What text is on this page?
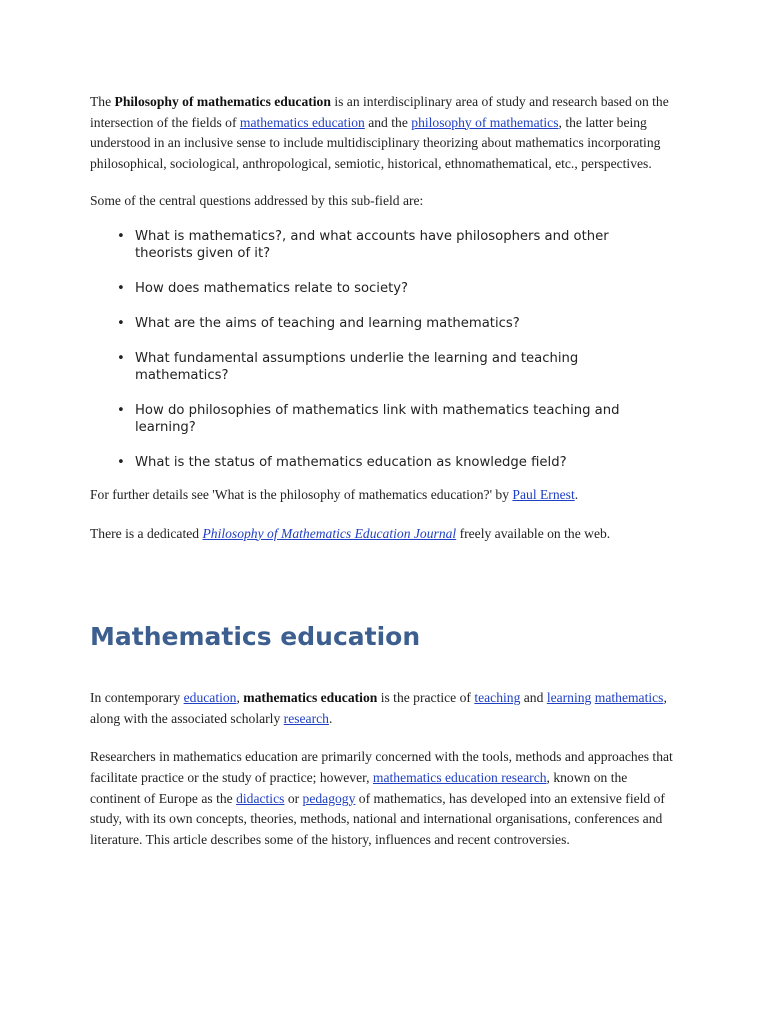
The Philosophy of mathematics education is an interdisciplinary area of study and research based on the intersection of the fields of mathematics education and the philosophy of mathematics, the latter being understood in an inclusive sense to include multidisciplinary theorizing about mathematics incorporating philosophical, sociological, anthropological, semiotic, historical, ethnomathematical, etc., perspectives.

Some of the central questions addressed by this sub-field are:

• What is mathematics?, and what accounts have philosophers and other theorists given of it?
• How does mathematics relate to society?
• What are the aims of teaching and learning mathematics?
• What fundamental assumptions underlie the learning and teaching mathematics?
• How do philosophies of mathematics link with mathematics teaching and learning?
• What is the status of mathematics education as knowledge field?

For further details see 'What is the philosophy of mathematics education?' by Paul Ernest.

There is a dedicated Philosophy of Mathematics Education Journal freely available on the web.

Mathematics education

In contemporary education, mathematics education is the practice of teaching and learning mathematics, along with the associated scholarly research.

Researchers in mathematics education are primarily concerned with the tools, methods and approaches that facilitate practice or the study of practice; however, mathematics education research, known on the continent of Europe as the didactics or pedagogy of mathematics, has developed into an extensive field of study, with its own concepts, theories, methods, national and international organisations, conferences and literature. This article describes some of the history, influences and recent controversies.
